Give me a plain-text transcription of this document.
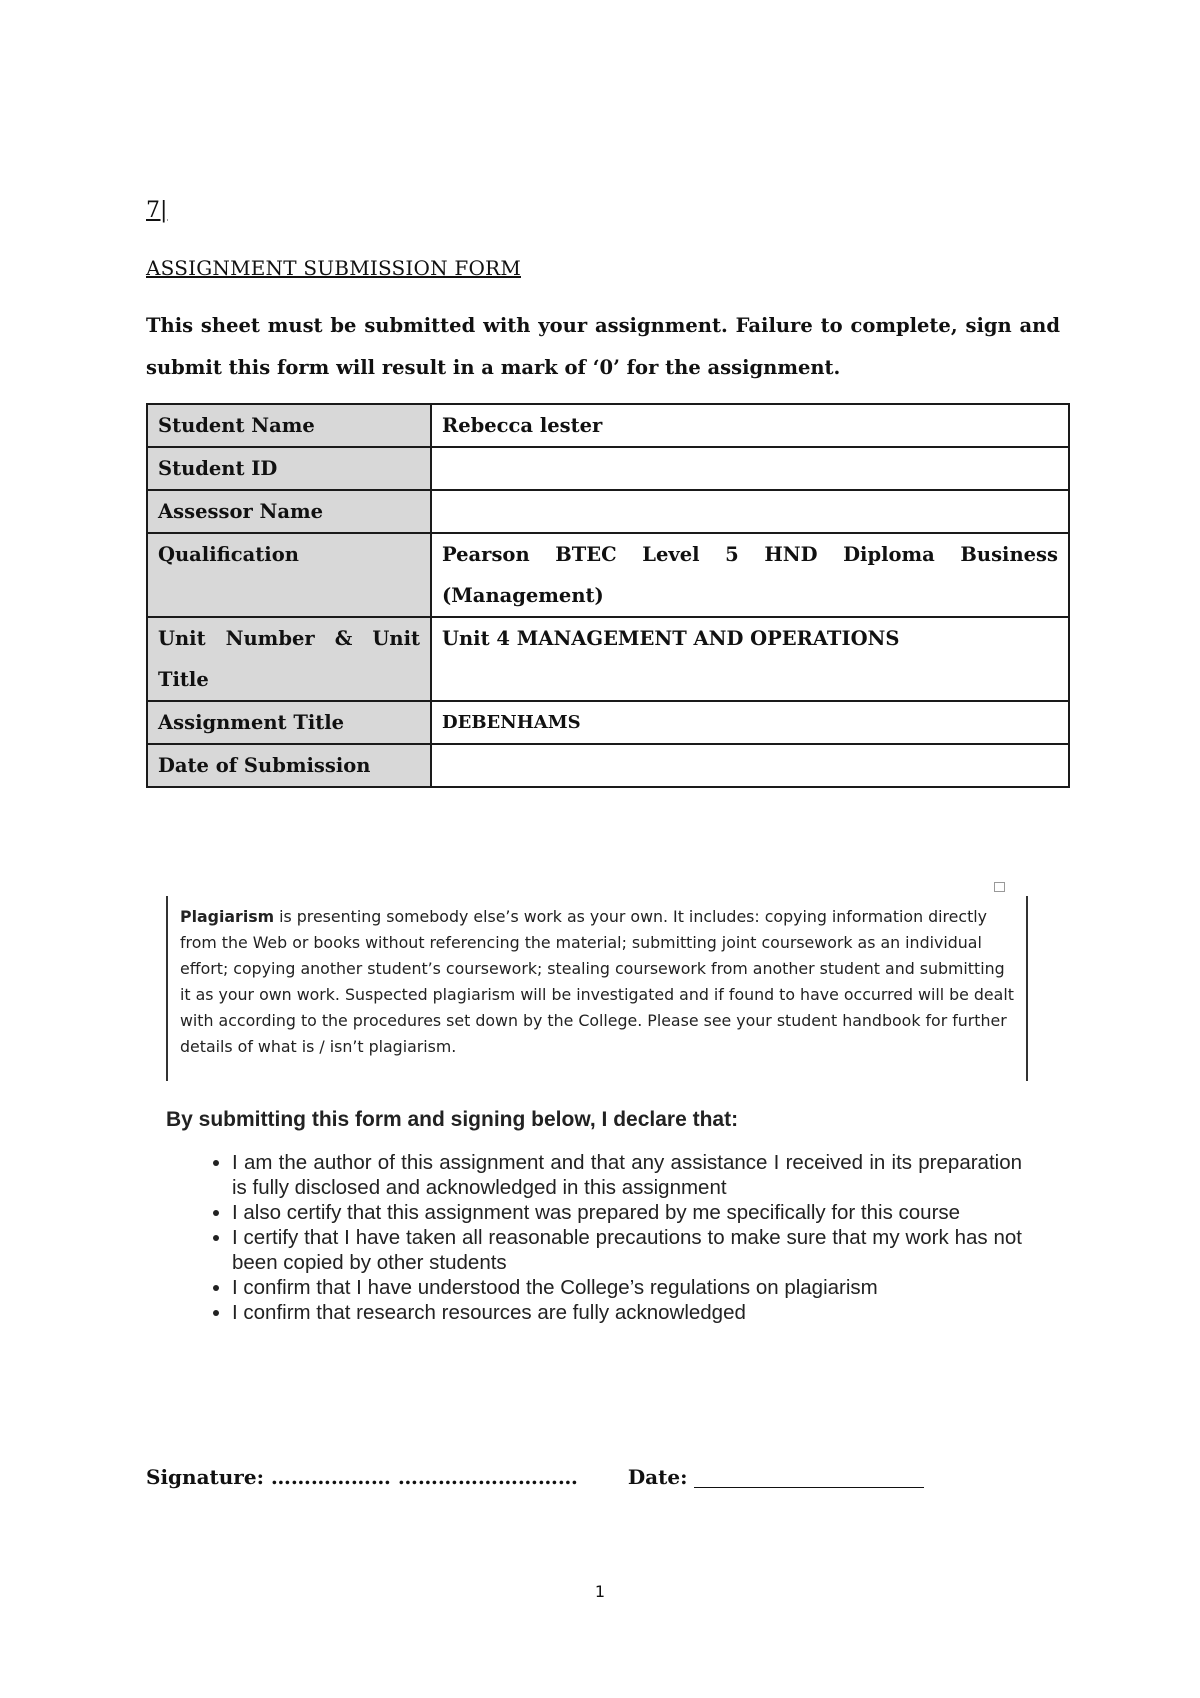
7|
ASSIGNMENT SUBMISSION FORM

This sheet must be submitted with your assignment. Failure to complete, sign and submit this form will result in a mark of ‘0’ for the assignment.

Student Name	Rebecca lester
Student ID	
Assessor Name	
Qualification	Pearson BTEC Level 5 HND Diploma Business (Management)
Unit Number & Unit Title	Unit 4 MANAGEMENT AND OPERATIONS
Assignment Title	DEBENHAMS
Date of Submission	

Plagiarism is presenting somebody else’s work as your own. It includes: copying information directly from the Web or books without referencing the material; submitting joint coursework as an individual effort; copying another student’s coursework; stealing coursework from another student and submitting it as your own work. Suspected plagiarism will be investigated and if found to have occurred will be dealt with according to the procedures set down by the College. Please see your student handbook for further details of what is / isn’t plagiarism.

By submitting this form and signing below, I declare that:
• I am the author of this assignment and that any assistance I received in its preparation is fully disclosed and acknowledged in this assignment
• I also certify that this assignment was prepared by me specifically for this course
• I certify that I have taken all reasonable precautions to make sure that my work has not been copied by other students
• I confirm that I have understood the College’s regulations on plagiarism
• I confirm that research resources are fully acknowledged
Signature: ……………… ……………………… Date:
1
